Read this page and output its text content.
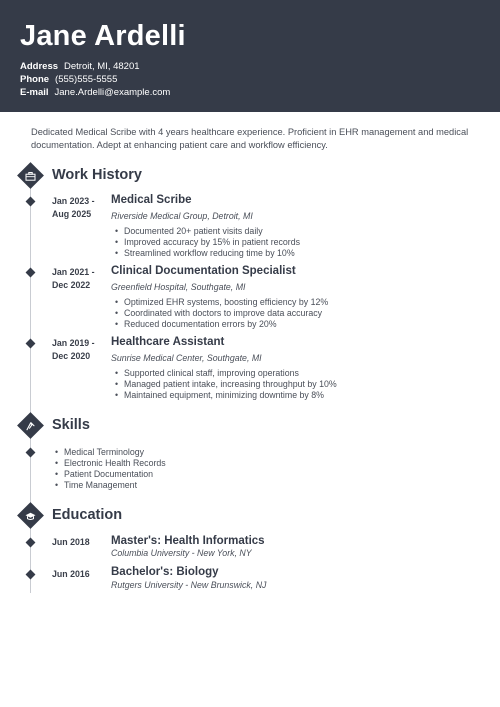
Jane Ardelli
Address Detroit, MI, 48201
Phone (555)555-5555
E-mail Jane.Ardelli@example.com
Dedicated Medical Scribe with 4 years healthcare experience. Proficient in EHR management and medical documentation. Adept at enhancing patient care and workflow efficiency.
Work History
Jan 2023 -
Aug 2025
Medical Scribe
Riverside Medical Group, Detroit, MI
• Documented 20+ patient visits daily
• Improved accuracy by 15% in patient records
• Streamlined workflow reducing time by 10%
Jan 2021 -
Dec 2022
Clinical Documentation Specialist
Greenfield Hospital, Southgate, MI
• Optimized EHR systems, boosting efficiency by 12%
• Coordinated with doctors to improve data accuracy
• Reduced documentation errors by 20%
Jan 2019 -
Dec 2020
Healthcare Assistant
Sunrise Medical Center, Southgate, MI
• Supported clinical staff, improving operations
• Managed patient intake, increasing throughput by 10%
• Maintained equipment, minimizing downtime by 8%
Skills
• Medical Terminology
• Electronic Health Records
• Patient Documentation
• Time Management
Education
Jun 2018	Master's: Health Informatics
Columbia University - New York, NY
Jun 2016	Bachelor's: Biology
Rutgers University - New Brunswick, NJ
